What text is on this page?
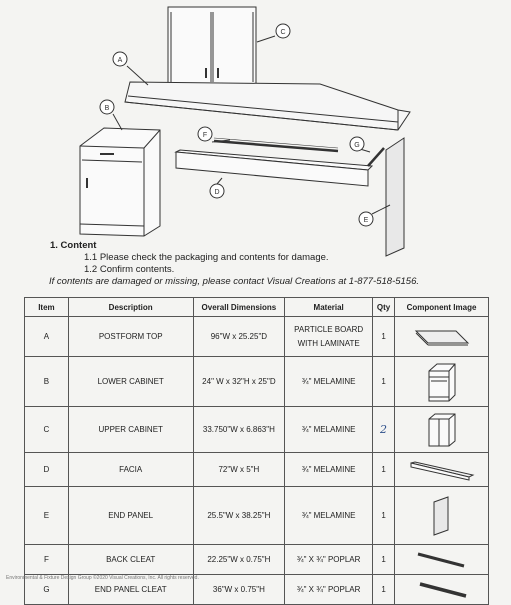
A
B
C
F
D
G
E
1. Content
1.1 Please check the packaging and contents for damage.
1.2 Confirm contents.
If contents are damaged or missing, please contact Visual Creations at 1-877-518-5156.
Item	Description	Overall Dimensions	Material	Qty	Component Image
A	POSTFORM TOP	96"W x 25.25"D	PARTICLE BOARD
WITH LAMINATE	1	

B	LOWER CABINET	24" W x 32"H x 25"D	¾" MELAMINE	1	

C	UPPER CABINET	33.750"W x 6.863"H	¾" MELAMINE	2	

D	FACIA	72"W x 5"H	¾" MELAMINE	1	

E	END PANEL	25.5"W x 38.25"H	¾" MELAMINE	1	

F	BACK CLEAT	22.25"W x 0.75"H	¾" X ¾" POPLAR	1	

G	END PANEL CLEAT	36"W x 0.75"H	¾" X ¾" POPLAR	1	
Environmental & Fixture Design Group ©2020 Visual Creations, Inc. All rights reserved.
